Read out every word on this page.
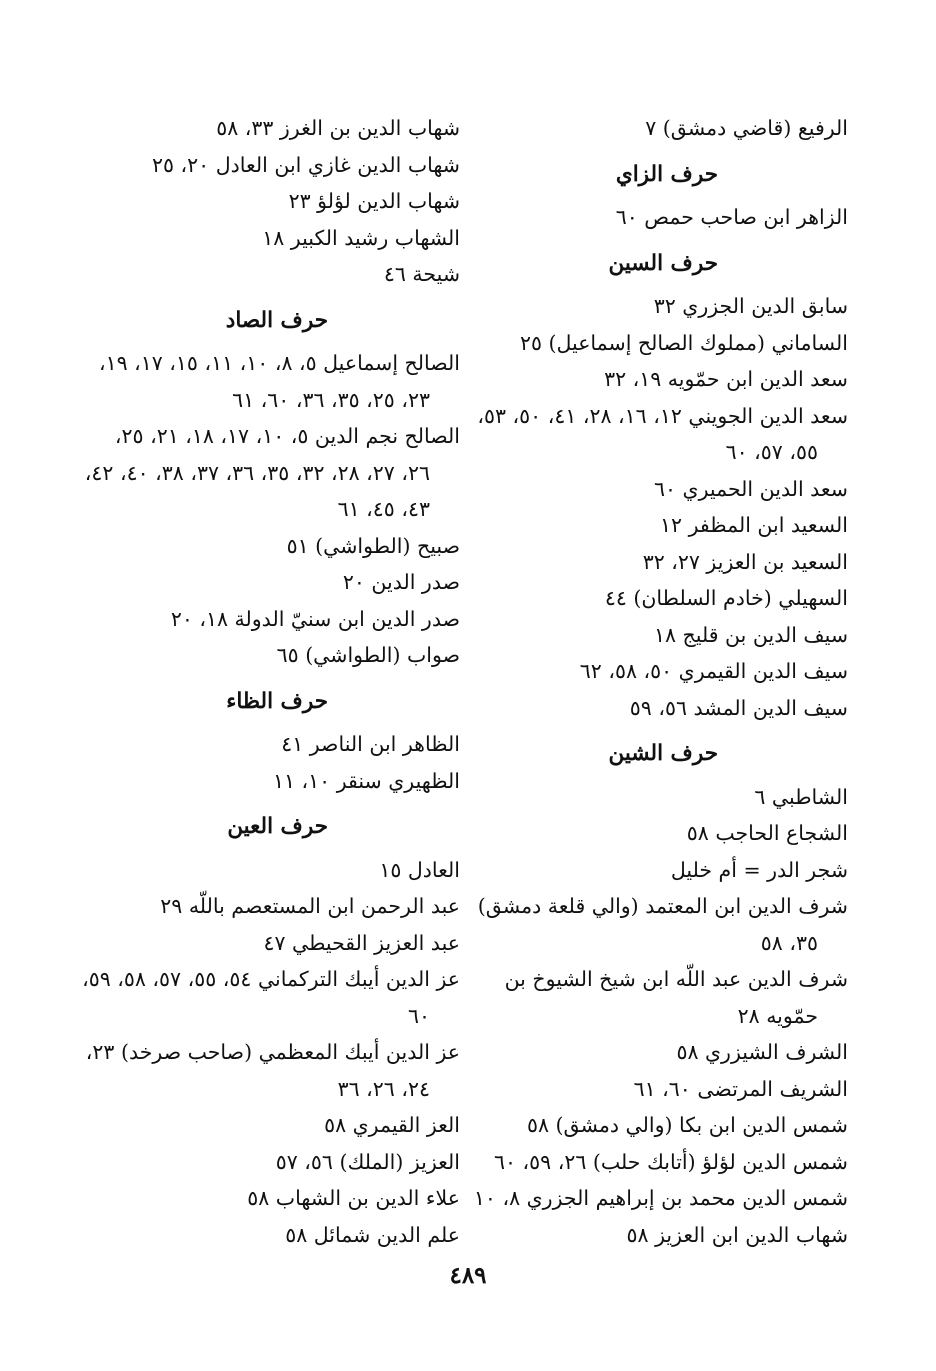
الرفيع (قاضي دمشق) ٧
حرف الزاي
الزاهر ابن صاحب حمص ٦٠
حرف السين
سابق الدين الجزري ٣٢
الساماني (مملوك الصالح إسماعيل) ٢٥
سعد الدين ابن حمّويه ١٩، ٣٢
سعد الدين الجويني ١٢، ١٦، ٢٨، ٤١، ٥٠، ٥٣، ٥٥، ٥٧، ٦٠
سعد الدين الحميري ٦٠
السعيد ابن المظفر ١٢
السعيد بن العزيز ٢٧، ٣٢
السهيلي (خادم السلطان) ٤٤
سيف الدين بن قليج ١٨
سيف الدين القيمري ٥٠، ٥٨، ٦٢
سيف الدين المشد ٥٦، ٥٩
حرف الشين
الشاطبي ٦
الشجاع الحاجب ٥٨
شجر الدر = أم خليل
شرف الدين ابن المعتمد (والي قلعة دمشق) ٣٥، ٥٨
شرف الدين عبد اللّه ابن شيخ الشيوخ بن حمّويه ٢٨
الشرف الشيزري ٥٨
الشريف المرتضى ٦٠، ٦١
شمس الدين ابن بكا (والي دمشق) ٥٨
شمس الدين لؤلؤ (أتابك حلب) ٢٦، ٥٩، ٦٠
شمس الدين محمد بن إبراهيم الجزري ٨، ١٠
شهاب الدين ابن العزيز ٥٨
شهاب الدين بن الغرز ٣٣، ٥٨
شهاب الدين غازي ابن العادل ٢٠، ٢٥
شهاب الدين لؤلؤ ٢٣
الشهاب رشيد الكبير ١٨
شيحة ٤٦
حرف الصاد
الصالح إسماعيل ٥، ٨، ١٠، ١١، ١٥، ١٧، ١٩، ٢٣، ٢٥، ٣٥، ٣٦، ٦٠، ٦١
الصالح نجم الدين ٥، ١٠، ١٧، ١٨، ٢١، ٢٥، ٢٦، ٢٧، ٢٨، ٣٢، ٣٥، ٣٦، ٣٧، ٣٨، ٤٠، ٤٢، ٤٣، ٤٥، ٦١
صبيح (الطواشي) ٥١
صدر الدين ٢٠
صدر الدين ابن سنيّ الدولة ١٨، ٢٠
صواب (الطواشي) ٦٥
حرف الظاء
الظاهر ابن الناصر ٤١
الظهيري سنقر ١٠، ١١
حرف العين
العادل ١٥
عبد الرحمن ابن المستعصم باللّه ٢٩
عبد العزيز القحيطي ٤٧
عز الدين أيبك التركماني ٥٤، ٥٥، ٥٧، ٥٨، ٥٩، ٦٠
عز الدين أيبك المعظمي (صاحب صرخد) ٢٣، ٢٤، ٢٦، ٣٦
العز القيمري ٥٨
العزيز (الملك) ٥٦، ٥٧
علاء الدين بن الشهاب ٥٨
علم الدين شمائل ٥٨
٤٨٩
